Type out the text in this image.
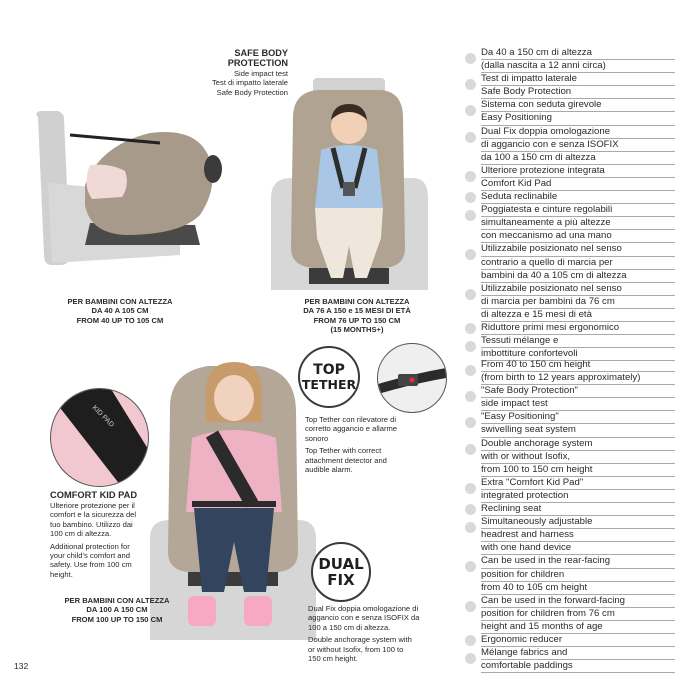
SAFE BODY
PROTECTION
Side impact test
Test di impatto laterale
Safe Body Protection
PER BAMBINI CON ALTEZZA
DA 40 A 105 CM
FROM 40 UP TO 105 CM
PER BAMBINI CON ALTEZZA
DA 76 A 150 e 15 MESI DI ETÀ
FROM 76 UP TO 150 CM
(15 MONTHS+)
TOP
TETHER
Top Tether con rilevatore di
corretto aggancio e allarme
sonoro
Top Tether with correct
attachment detector and
audible alarm.
KID PAD
COMFORT KID PAD
Ulteriore protezione per il
comfort e la sicurezza del
tuo bambino. Utilizzo dai
100 cm di altezza.
Additional protection for
your child's comfort and
safety. Use from 100 cm
height.
PER BAMBINI CON ALTEZZA
DA 100 A 150 CM
FROM 100 UP TO 150 CM
DUAL
FIX
Dual Fix doppia omologazione di
aggancio con e senza ISOFIX da
100 a 150 cm di altezza.
Double anchorage system with
or without Isofix, from 100 to
150 cm height.
132
Da 40 a 150 cm di altezza
(dalla nascita a 12 anni circa)
Test di impatto laterale
Safe Body Protection
Sistema con seduta girevole
Easy Positioning
Dual Fix doppia omologazione
di aggancio con e senza ISOFIX
da 100 a 150 cm di altezza
Ulteriore protezione integrata
Comfort Kid Pad
Seduta reclinabile
Poggiatesta e cinture regolabili
simultaneamente a più altezze
con meccanismo ad una mano
Utilizzabile posizionato nel senso
contrario a quello di marcia per
bambini da 40 a 105 cm di altezza
Utilizzabile posizionato nel senso
di marcia per bambini da 76 cm
di altezza e 15 mesi di età
Riduttore primi mesi ergonomico
Tessuti mélange e
imbottiture confortevoli
From 40 to 150 cm height
(from birth to 12 years approximately)
"Safe Body Protection"
side impact test
"Easy Positioning"
swivelling seat system
Double anchorage system
with or without Isofix,
from 100 to 150 cm height
Extra "Comfort Kid Pad"
integrated protection
Reclining seat
Simultaneously adjustable
headrest and harness
with one hand device
Can be used in the rear-facing
position for children
from 40 to 105 cm height
Can be used in the forward-facing
position for children from 76 cm
height and 15 months of age
Ergonomic reducer
Mélange fabrics and
comfortable paddings
